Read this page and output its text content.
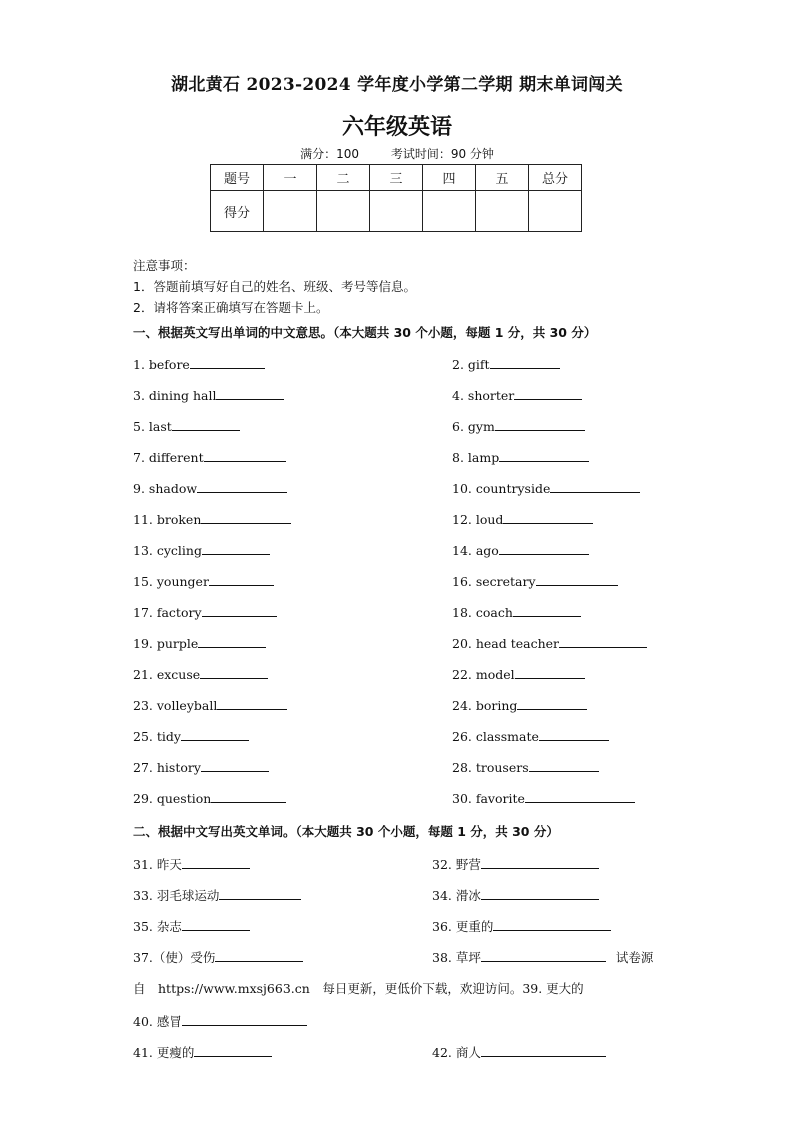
湖北黄石 2023-2024 学年度小学第二学期 期末单词闯关
六年级英语
满分：100	考试时间：90 分钟
题号	一	二	三	四	五	总分
得分						
注意事项：
1．答题前填写好自己的姓名、班级、考号等信息。
2．请将答案正确填写在答题卡上。
一、根据英文写出单词的中文意思。（本大题共 30 个小题，每题 1 分，共 30 分）
1. before	2. gift
3. dining hall	4. shorter
5. last	6. gym
7. different	8. lamp
9. shadow	10. countryside
11. broken	12. loud
13. cycling	14. ago
15. younger	16. secretary
17. factory	18. coach
19. purple	20. head teacher
21. excuse	22. model
23. volleyball	24. boring
25. tidy	26. classmate
27. history	28. trousers
29. question	30. favorite
二、根据中文写出英文单词。（本大题共 30 个小题，每题 1 分，共 30 分）
31. 昨天	32. 野营
33. 羽毛球运动	34. 滑冰
35. 杂志	36. 更重的
37.（使）受伤	38. 草坪	试卷源
自　https://www.mxsj663.cn　每日更新，更低价下载，欢迎访问。39. 更大的
40. 感冒
41. 更瘦的	42. 商人
